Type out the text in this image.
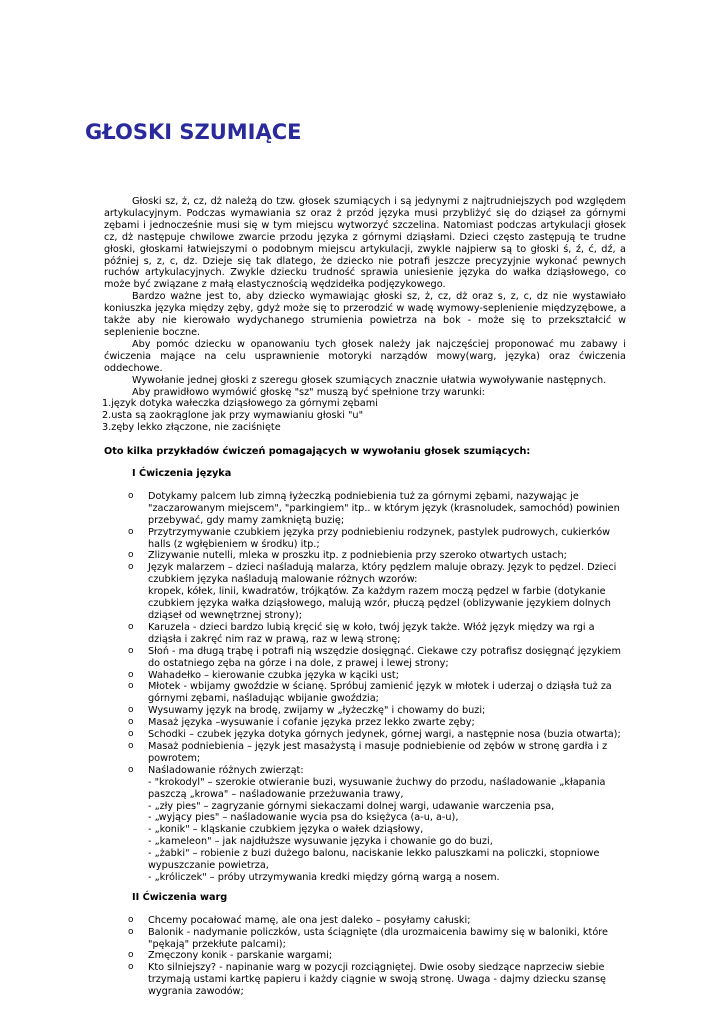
GŁOSKI SZUMIĄCE

Głoski sz, ż, cz, dż należą do tzw. głosek szumiących i są jedynymi z najtrudniejszych pod względem artykulacyjnym. Podczas wymawiania sz oraz ż przód języka musi przybliżyć się do dziąseł za górnymi zębami i jednocześnie musi się w tym miejscu wytworzyć szczelina. Natomiast podczas artykulacji głosek cz, dż następuje chwilowe zwarcie przodu języka z górnymi dziąsłami. Dzieci często zastępują te trudne głoski, głoskami łatwiejszymi o podobnym miejscu artykulacji, zwykle najpierw są to głoski ś, ź, ć, dź, a później s, z, c, dz. Dzieje się tak dlatego, że dziecko nie potrafi jeszcze precyzyjnie wykonać pewnych ruchów artykulacyjnych. Zwykle dziecku trudność sprawia uniesienie języka do wałka dziąsłowego, co może być związane z małą elastycznością wędzidełka podjęzykowego.

Bardzo ważne jest to, aby dziecko wymawiając głoski sz, ż, cz, dż oraz s, z, c, dz nie wystawiało koniuszka języka między zęby, gdyż może się to przerodzić w wadę wymowy-seplenienie międzyzębowe, a także aby nie kierowało wydychanego strumienia powietrza na bok - może się to przekształcić w seplenienie boczne.

Aby pomóc dziecku w opanowaniu tych głosek należy jak najczęściej proponować mu zabawy i ćwiczenia mające na celu usprawnienie motoryki narządów mowy(warg, języka) oraz ćwiczenia oddechowe.

Wywołanie jednej głoski z szeregu głosek szumiących znacznie ułatwia wywoływanie następnych.

Aby prawidłowo wymówić głoskę "sz" muszą być spełnione trzy warunki:

1.język dotyka wałeczka dziąsłowego za górnymi zębami

2.usta są zaokrąglone jak przy wymawianiu głoski "u"

3.zęby lekko złączone, nie zaciśnięte

Oto kilka przykładów ćwiczeń pomagających w wywołaniu głosek szumiących:

I Ćwiczenia języka

o Dotykamy palcem lub zimną łyżeczką podniebienia tuż za górnymi zębami, nazywając je "zaczarowanym miejscem", "parkingiem" itp.. w którym język (krasnoludek, samochód) powinien przebywać, gdy mamy zamkniętą buzię;
o Przytrzymywanie czubkiem języka przy podniebieniu rodzynek, pastylek pudrowych, cukierków halls (z wgłębieniem w środku) itp.;
o Zlizywanie nutelli, mleka w proszku itp. z podniebienia przy szeroko otwartych ustach;
o Język malarzem – dzieci naśladują malarza, który pędzlem maluje obrazy. Język to pędzel. Dzieci czubkiem języka naśladują malowanie różnych wzorów:
kropek, kółek, linii, kwadratów, trójkątów. Za każdym razem moczą pędzel w farbie (dotykanie czubkiem języka wałka dziąsłowego, malują wzór, płuczą pędzel (oblizywanie językiem dolnych dziąseł od wewnętrznej strony);
o Karuzela - dzieci bardzo lubią kręcić się w koło, twój język także. Włóż język między wa rgi a dziąsła i zakręć nim raz w prawą, raz w lewą stronę;
o Słoń - ma długą trąbę i potrafi nią wszędzie dosięgnąć. Ciekawe czy potrafisz dosięgnąć językiem do ostatniego zęba na górze i na dole, z prawej i lewej strony;
o Wahadełko – kierowanie czubka języka w kąciki ust;
o Młotek - wbijamy gwoździe w ścianę. Spróbuj zamienić język w młotek i uderzaj o dziąsła tuż za górnymi zębami, naśladując wbijanie gwoździa;
o Wysuwamy język na brodę, zwijamy w „łyżeczkę" i chowamy do buzi;
o Masaż języka –wysuwanie i cofanie języka przez lekko zwarte zęby;
o Schodki – czubek języka dotyka górnych jedynek, górnej wargi, a następnie nosa (buzia otwarta);
o Masaż podniebienia – język jest masażystą i masuje podniebienie od zębów w stronę gardła i z powrotem;
o Naśladowanie różnych zwierząt:
- "krokodyl" – szerokie otwieranie buzi, wysuwanie żuchwy do przodu, naśladowanie „kłapania paszczą „krowa" – naśladowanie przeżuwania trawy,
- „zły pies" – zagryzanie górnymi siekaczami dolnej wargi, udawanie warczenia psa,
- „wyjący pies" – naśladowanie wycia psa do księżyca (a-u, a-u),
- „konik" – kląskanie czubkiem języka o wałek dziąsłowy,
- „kameleon" – jak najdłuższe wysuwanie języka i chowanie go do buzi,
- „żabki" – robienie z buzi dużego balonu, naciskanie lekko paluszkami na policzki, stopniowe wypuszczanie powietrza,
- „króliczek" – próby utrzymywania kredki między górną wargą a nosem.

II Ćwiczenia warg

o Chcemy pocałować mamę, ale ona jest daleko – posyłamy całuski;
o Balonik - nadymanie policzków, usta ściągnięte (dla urozmaicenia bawimy się w baloniki, które "pękają" przekłute palcami);
o Zmęczony konik - parskanie wargami;
o Kto silniejszy? - napinanie warg w pozycji rozciągniętej. Dwie osoby siedzące naprzeciw siebie trzymają ustami kartkę papieru i każdy ciągnie w swoją stronę. Uwaga - dajmy dziecku szansę wygrania zawodów;
